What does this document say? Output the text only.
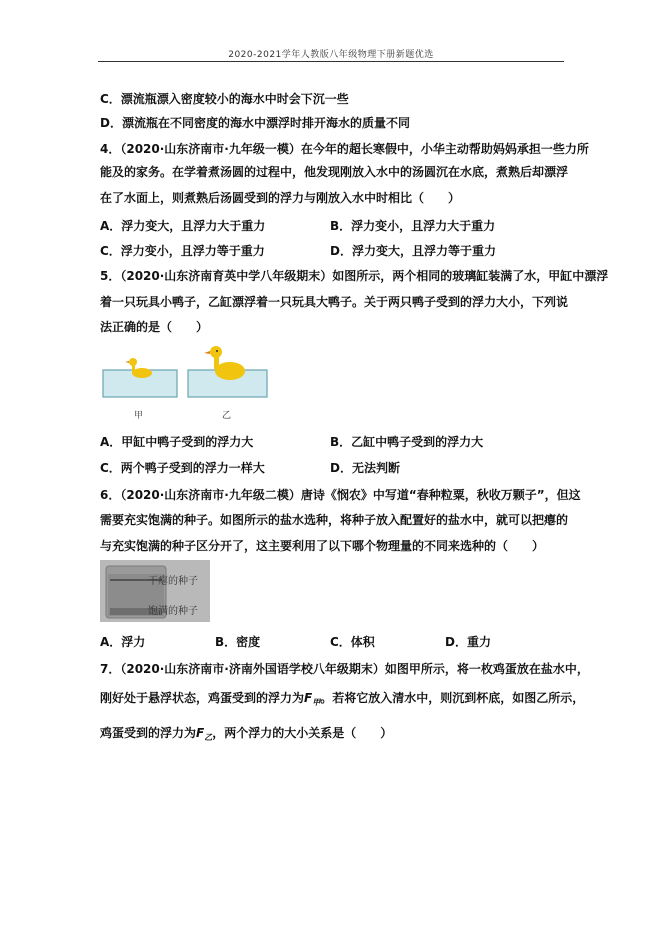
2020-2021学年人教版八年级物理下册新题优选
C．漂流瓶漂入密度较小的海水中时会下沉一些
D．漂流瓶在不同密度的海水中漂浮时排开海水的质量不同
4．（2020·山东济南市·九年级一模）在今年的超长寒假中，小华主动帮助妈妈承担一些力所
能及的家务。在学着煮汤圆的过程中，他发现刚放入水中的汤圆沉在水底，煮熟后却漂浮
在了水面上，则煮熟后汤圆受到的浮力与刚放入水中时相比（　　）
A．浮力变大，且浮力大于重力	B．浮力变小，且浮力大于重力
C．浮力变小，且浮力等于重力	D．浮力变大，且浮力等于重力
5．（2020·山东济南育英中学八年级期末）如图所示，两个相同的玻璃缸装满了水，甲缸中漂浮
着一只玩具小鸭子，乙缸漂浮着一只玩具大鸭子。关于两只鸭子受到的浮力大小，下列说
法正确的是（　　）
甲	乙
A．甲缸中鸭子受到的浮力大	B．乙缸中鸭子受到的浮力大
C．两个鸭子受到的浮力一样大	D．无法判断
6．（2020·山东济南市·九年级二模）唐诗《悯农》中写道“春种粒粟，秋收万颗子”，但这
需要充实饱满的种子。如图所示的盐水选种，将种子放入配置好的盐水中，就可以把瘪的
与充实饱满的种子区分开了，这主要利用了以下哪个物理量的不同来选种的（　　）
干瘪的种子
饱满的种子
A．浮力	B．密度	C．体积	D．重力
7．（2020·山东济南市·济南外国语学校八年级期末）如图甲所示，将一枚鸡蛋放在盐水中，
刚好处于悬浮状态，鸡蛋受到的浮力为$F_甲$。若将它放入清水中，则沉到杯底，如图乙所示，
鸡蛋受到的浮力为$F_乙$，两个浮力的大小关系是（　　）
